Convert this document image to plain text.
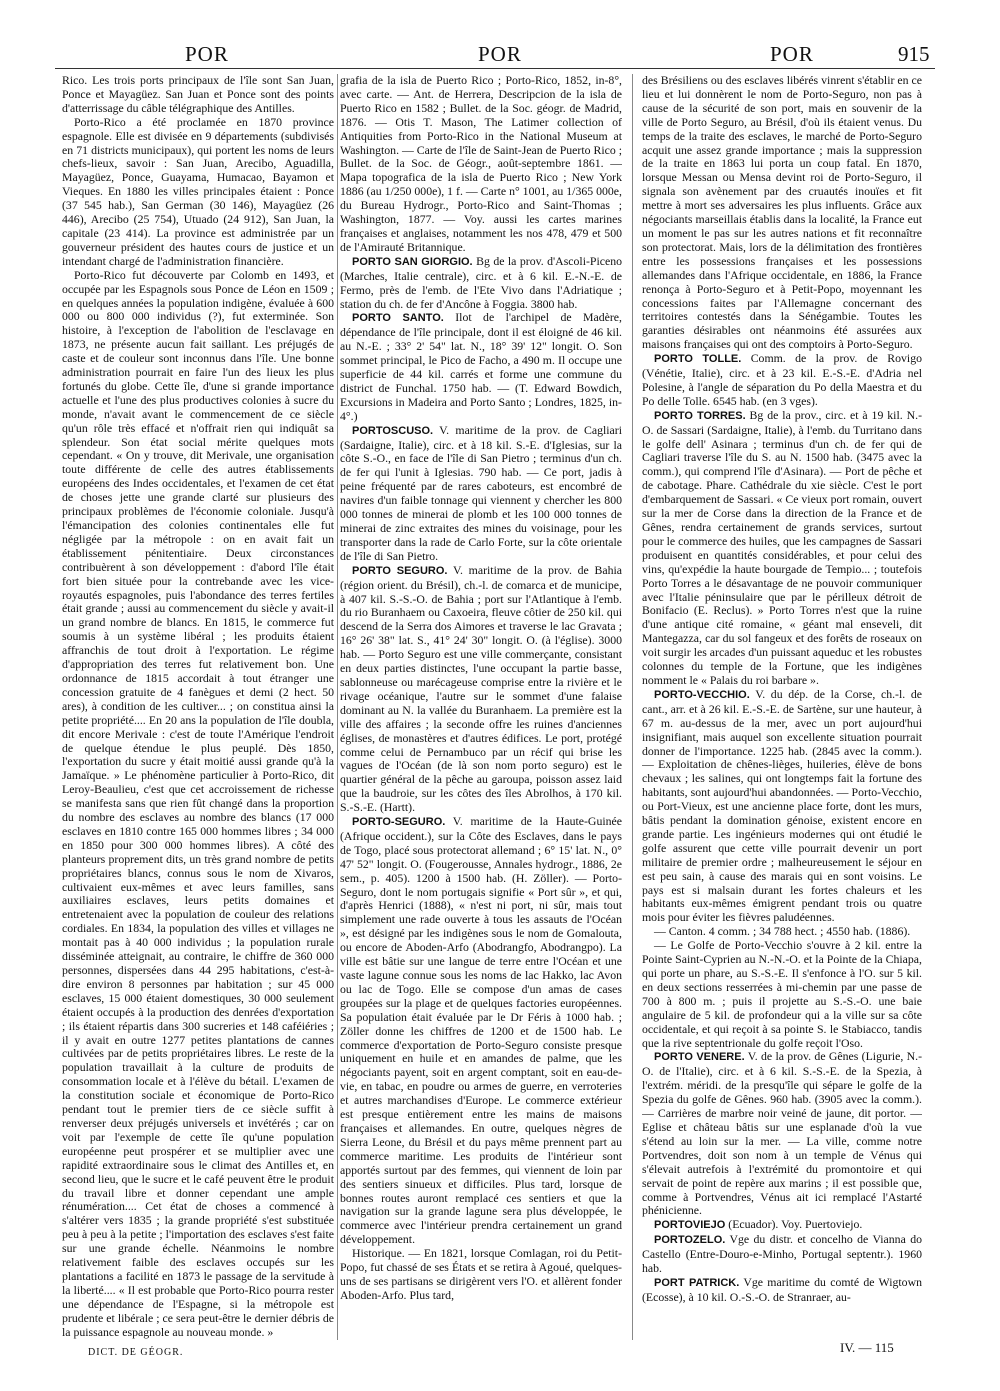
POR	POR	POR	915

Rico. Les trois ports principaux de l'île sont San Juan, Ponce et Mayagüez. San Juan et Ponce sont des points d'atterrissage du câble télégraphique des Antilles.

Porto-Rico a été proclamée en 1870 province espagnole. Elle est divisée en 9 départements (subdivisés en 71 districts municipaux), qui portent les noms de leurs chefs-lieux, savoir : San Juan, Arecibo, Aguadilla, Mayagüez, Ponce, Guayama, Humacao, Bayamon et Vieques. En 1880 les villes principales étaient : Ponce (37 545 hab.), San German (30 146), Mayagüez (26 446), Arecibo (25 754), Utuado (24 912), San Juan, la capitale (23 414). La province est administrée par un gouverneur président des hautes cours de justice et un intendant chargé de l'administration financière.

Porto-Rico fut découverte par Colomb en 1493, et occupée par les Espagnols sous Ponce de Léon en 1509 ; en quelques années la population indigène, évaluée à 600 000 ou 800 000 individus (?), fut exterminée. Son histoire, à l'exception de l'abolition de l'esclavage en 1873, ne présente aucun fait saillant. Les préjugés de caste et de couleur sont inconnus dans l'île. Une bonne administration pourrait en faire l'un des lieux les plus fortunés du globe. Cette île, d'une si grande importance actuelle et l'une des plus productives colonies à sucre du monde, n'avait avant le commencement de ce siècle qu'un rôle très effacé et n'offrait rien qui indiquât sa splendeur. Son état social mérite quelques mots cependant. « On y trouve, dit Merivale, une organisation toute différente de celle des autres établissements européens des Indes occidentales, et l'examen de cet état de choses jette une grande clarté sur plusieurs des principaux problèmes de l'économie coloniale. Jusqu'à l'émancipation des colonies continentales elle fut négligée par la métropole : on en avait fait un établissement pénitentiaire. Deux circonstances contribuèrent à son développement : d'abord l'île était fort bien située pour la contrebande avec les vice-royautés espagnoles, puis l'abondance des terres fertiles était grande ; aussi au commencement du siècle y avait-il un grand nombre de blancs. En 1815, le commerce fut soumis à un système libéral ; les produits étaient affranchis de tout droit à l'exportation. Le régime d'appropriation des terres fut relativement bon. Une ordonnance de 1815 accordait à tout étranger une concession gratuite de 4 fanègues et demi (2 hect. 50 ares), à condition de les cultiver... ; on constitua ainsi la petite propriété.... En 20 ans la population de l'île doubla, dit encore Merivale : c'est de toute l'Amérique l'endroit de quelque étendue le plus peuplé. Dès 1850, l'exportation du sucre y était moitié aussi grande qu'à la Jamaïque. » Le phénomène particulier à Porto-Rico, dit Leroy-Beaulieu, c'est que cet accroissement de richesse se manifesta sans que rien fût changé dans la proportion du nombre des esclaves au nombre des blancs (17 000 esclaves en 1810 contre 165 000 hommes libres ; 34 000 en 1850 pour 300 000 hommes libres). A côté des planteurs proprement dits, un très grand nombre de petits propriétaires blancs, connus sous le nom de Xivaros, cultivaient eux-mêmes et avec leurs familles, sans auxiliaires esclaves, leurs petits domaines et entretenaient avec la population de couleur des relations cordiales. En 1834, la population des villes et villages ne montait pas à 40 000 individus ; la population rurale disséminée atteignait, au contraire, le chiffre de 360 000 personnes, dispersées dans 44 295 habitations, c'est-à-dire environ 8 personnes par habitation ; sur 45 000 esclaves, 15 000 étaient domestiques, 30 000 seulement étaient occupés à la production des denrées d'exportation ; ils étaient répartis dans 300 sucreries et 148 caféiéries ; il y avait en outre 1277 petites plantations de cannes cultivées par de petits propriétaires libres. Le reste de la population travaillait à la culture de produits de consommation locale et à l'élève du bétail. L'examen de la constitution sociale et économique de Porto-Rico pendant tout le premier tiers de ce siècle suffit à renverser deux préjugés universels et invétérés ; car on voit par l'exemple de cette île qu'une population européenne peut prospérer et se multiplier avec une rapidité extraordinaire sous le climat des Antilles et, en second lieu, que le sucre et le café peuvent être le produit du travail libre et donner cependant une ample rénumération.... Cet état de choses a commencé à s'altérer vers 1835 ; la grande propriété s'est substituée peu à peu à la petite ; l'importation des esclaves s'est faite sur une grande échelle. Néanmoins le nombre relativement faible des esclaves occupés sur les plantations a facilité en 1873 le passage de la servitude à la liberté.... « Il est probable que Porto-Rico pourra rester une dépendance de l'Espagne, si la métropole est prudente et libérale ; ce sera peut-être le dernier débris de la puissance espagnole au nouveau monde. »

grafia de la isla de Puerto Rico ; Porto-Rico, 1852, in-8°, avec carte. — Ant. de Herrera, Descripcion de la isla de Puerto Rico en 1582 ; Bullet. de la Soc. géogr. de Madrid, 1876. — Otis T. Mason, The Latimer collection of Antiquities from Porto-Rico in the National Museum at Washington. — Carte de l'île de Saint-Jean de Puerto Rico ; Bullet. de la Soc. de Géogr., août-septembre 1861. — Mapa topografica de la isla de Puerto Rico ; New York 1886 (au 1/250 000e), 1 f. — Carte n° 1001, au 1/365 000e, du Bureau Hydrogr., Porto-Rico and Saint-Thomas ; Washington, 1877. — Voy. aussi les cartes marines françaises et anglaises, notamment les nos 478, 479 et 500 de l'Amirauté Britannique.

PORTO SAN GIORGIO. Bg de la prov. d'Ascoli-Piceno (Marches, Italie centrale), circ. et à 6 kil. E.-N.-E. de Fermo, près de l'emb. de l'Ete Vivo dans l'Adriatique ; station du ch. de fer d'Ancône à Foggia. 3800 hab.

PORTO SANTO. Ilot de l'archipel de Madère, dépendance de l'île principale, dont il est éloigné de 46 kil. au N.-E. ; 33° 2' 54" lat. N., 18° 39' 12" longit. O. Son sommet principal, le Pico de Facho, a 490 m. Il occupe une superficie de 44 kil. carrés et forme une commune du district de Funchal. 1750 hab. — (T. Edward Bowdich, Excursions in Madeira and Porto Santo ; Londres, 1825, in-4°.)

PORTOSCUSO. V. maritime de la prov. de Cagliari (Sardaigne, Italie), circ. et à 18 kil. S.-E. d'Iglesias, sur la côte S.-O., en face de l'île di San Pietro ; terminus d'un ch. de fer qui l'unit à Iglesias. 790 hab. — Ce port, jadis à peine fréquenté par de rares caboteurs, est encombré de navires d'un faible tonnage qui viennent y chercher les 800 000 tonnes de minerai de plomb et les 100 000 tonnes de minerai de zinc extraites des mines du voisinage, pour les transporter dans la rade de Carlo Forte, sur la côte orientale de l'île di San Pietro.

PORTO SEGURO. V. maritime de la prov. de Bahia (région orient. du Brésil), ch.-l. de comarca et de municipe, à 407 kil. S.-S.-O. de Bahia ; port sur l'Atlantique à l'emb. du rio Buranhaem ou Caxoeira, fleuve côtier de 250 kil. qui descend de la Serra dos Aimores et traverse le lac Gravata ; 16° 26' 38" lat. S., 41° 24' 30" longit. O. (à l'église). 3000 hab. — Porto Seguro est une ville commerçante, consistant en deux parties distinctes, l'une occupant la partie basse, sablonneuse ou marécageuse comprise entre la rivière et le rivage océanique, l'autre sur le sommet d'une falaise dominant au N. la vallée du Buranhaem. La première est la ville des affaires ; la seconde offre les ruines d'anciennes églises, de monastères et d'autres édifices. Le port, protégé comme celui de Pernambuco par un récif qui brise les vagues de l'Océan (de là son nom porto seguro) est le quartier général de la pêche au garoupa, poisson assez laid que la baudroie, sur les côtes des îles Abrolhos, à 170 kil. S.-S.-E. (Hartt).

PORTO-SEGURO. V. maritime de la Haute-Guinée (Afrique occident.), sur la Côte des Esclaves, dans le pays de Togo, placé sous protectorat allemand ; 6° 15' lat. N., 0° 47' 52" longit. O. (Fougerousse, Annales hydrogr., 1886, 2e sem., p. 405). 1200 à 1500 hab. (H. Zöller). — Porto-Seguro, dont le nom portugais signifie « Port sûr », et qui, d'après Henrici (1888), « n'est ni port, ni sûr, mais tout simplement une rade ouverte à tous les assauts de l'Océan », est désigné par les indigènes sous le nom de Gomalouta, ou encore de Aboden-Arfo (Abodrangfo, Abodrangpo). La ville est bâtie sur une langue de terre entre l'Océan et une vaste lagune connue sous les noms de lac Hakko, lac Avon ou lac de Togo. Elle se compose d'un amas de cases groupées sur la plage et de quelques factories européennes. Sa population était évaluée par le Dr Féris à 1000 hab. ; Zöller donne les chiffres de 1200 et de 1500 hab. Le commerce d'exportation de Porto-Seguro consiste presque uniquement en huile et en amandes de palme, que les négociants payent, soit en argent comptant, soit en eau-de-vie, en tabac, en poudre ou armes de guerre, en verroteries et autres marchandises d'Europe. Le commerce extérieur est presque entièrement entre les mains de maisons françaises et allemandes. En outre, quelques nègres de Sierra Leone, du Brésil et du pays même prennent part au commerce maritime. Les produits de l'intérieur sont apportés surtout par des femmes, qui viennent de loin par des sentiers sinueux et difficiles. Plus tard, lorsque de bonnes routes auront remplacé ces sentiers et que la navigation sur la grande lagune sera plus développée, le commerce avec l'intérieur prendra certainement un grand développement.

Historique. — En 1821, lorsque Comlagan, roi du Petit-Popo, fut chassé de ses États et se retira à Agoué, quelques-uns de ses partisans se dirigèrent vers l'O. et allèrent fonder Aboden-Arfo. Plus tard,

des Brésiliens ou des esclaves libérés vinrent s'établir en ce lieu et lui donnèrent le nom de Porto-Seguro, non pas à cause de la sécurité de son port, mais en souvenir de la ville de Porto Seguro, au Brésil, d'où ils étaient venus. Du temps de la traite des esclaves, le marché de Porto-Seguro acquit une assez grande importance ; mais la suppression de la traite en 1863 lui porta un coup fatal. En 1870, lorsque Messan ou Mensa devint roi de Porto-Seguro, il signala son avènement par des cruautés inouïes et fit mettre à mort ses adversaires les plus influents. Grâce aux négociants marseillais établis dans la localité, la France eut un moment le pas sur les autres nations et fit reconnaître son protectorat. Mais, lors de la délimitation des frontières entre les possessions françaises et les possessions allemandes dans l'Afrique occidentale, en 1886, la France renonça à Porto-Seguro et à Petit-Popo, moyennant les concessions faites par l'Allemagne concernant des territoires contestés dans la Sénégambie. Toutes les garanties désirables ont néanmoins été assurées aux maisons françaises qui ont des comptoirs à Porto-Seguro.

PORTO TOLLE. Comm. de la prov. de Rovigo (Vénétie, Italie), circ. et à 23 kil. E.-S.-E. d'Adria nel Polesine, à l'angle de séparation du Po della Maestra et du Po delle Tolle. 6545 hab. (en 3 vges).

PORTO TORRES. Bg de la prov., circ. et à 19 kil. N.-O. de Sassari (Sardaigne, Italie), à l'emb. du Turritano dans le golfe dell' Asinara ; terminus d'un ch. de fer qui de Cagliari traverse l'île du S. au N. 1500 hab. (3475 avec la comm.), qui comprend l'île d'Asinara). — Port de pêche et de cabotage. Phare. Cathédrale du xie siècle. C'est le port d'embarquement de Sassari. « Ce vieux port romain, ouvert sur la mer de Corse dans la direction de la France et de Gênes, rendra certainement de grands services, surtout pour le commerce des huiles, que les campagnes de Sassari produisent en quantités considérables, et pour celui des vins, qu'expédie la haute bourgade de Tempio... ; toutefois Porto Torres a le désavantage de ne pouvoir communiquer avec l'Italie péninsulaire que par le périlleux détroit de Bonifacio (E. Reclus). » Porto Torres n'est que la ruine d'une antique cité romaine, « géant mal enseveli, dit Mantegazza, car du sol fangeux et des forêts de roseaux on voit surgir les arcades d'un puissant aqueduc et les robustes colonnes du temple de la Fortune, que les indigènes nomment le « Palais du roi barbare ».

PORTO-VECCHIO. V. du dép. de la Corse, ch.-l. de cant., arr. et à 26 kil. E.-S.-E. de Sartène, sur une hauteur, à 67 m. au-dessus de la mer, avec un port aujourd'hui insignifiant, mais auquel son excellente situation pourrait donner de l'importance. 1225 hab. (2845 avec la comm.). — Exploitation de chênes-lièges, huileries, élève de bons chevaux ; les salines, qui ont longtemps fait la fortune des habitants, sont aujourd'hui abandonnées. — Porto-Vecchio, ou Port-Vieux, est une ancienne place forte, dont les murs, bâtis pendant la domination génoise, existent encore en grande partie. Les ingénieurs modernes qui ont étudié le golfe assurent que cette ville pourrait devenir un port militaire de premier ordre ; malheureusement le séjour en est peu sain, à cause des marais qui en sont voisins. Le pays est si malsain durant les fortes chaleurs et les habitants eux-mêmes émigrent pendant trois ou quatre mois pour éviter les fièvres paludéennes.

— Canton. 4 comm. ; 34 788 hect. ; 4550 hab. (1886).

— Le Golfe de Porto-Vecchio s'ouvre à 2 kil. entre la Pointe Saint-Cyprien au N.-N.-O. et la Pointe de la Chiapa, qui porte un phare, au S.-S.-E. Il s'enfonce à l'O. sur 5 kil. en deux sections resserrées à mi-chemin par une passe de 700 à 800 m. ; puis il projette au S.-S.-O. une baie angulaire de 5 kil. de profondeur qui a la ville sur sa côte occidentale, et qui reçoit à sa pointe S. le Stabiacco, tandis que la rive septentrionale du golfe reçoit l'Oso.

PORTO VENERE. V. de la prov. de Gênes (Ligurie, N.-O. de l'Italie), circ. et à 6 kil. S.-S.-E. de la Spezia, à l'extrém. méridi. de la presqu'île qui sépare le golfe de la Spezia du golfe de Gênes. 960 hab. (3905 avec la comm.). — Carrières de marbre noir veiné de jaune, dit portor. — Eglise et château bâtis sur une esplanade d'où la vue s'étend au loin sur la mer. — La ville, comme notre Portvendres, doit son nom à un temple de Vénus qui s'élevait autrefois à l'extrémité du promontoire et qui servait de point de repère aux marins ; il est possible que, comme à Portvendres, Vénus ait ici remplacé l'Astarté phénicienne.

PORTOVIEJO (Ecuador). Voy. Puertoviejo.

PORTOZELO. Vge du distr. et concelho de Vianna do Castello (Entre-Douro-e-Minho, Portugal septentr.). 1960 hab.

PORT PATRICK. Vge maritime du comté de Wigtown (Ecosse), à 10 kil. O.-S.-O. de Stranraer, au-

DICT. DE GÉOGR.	IV. — 115
